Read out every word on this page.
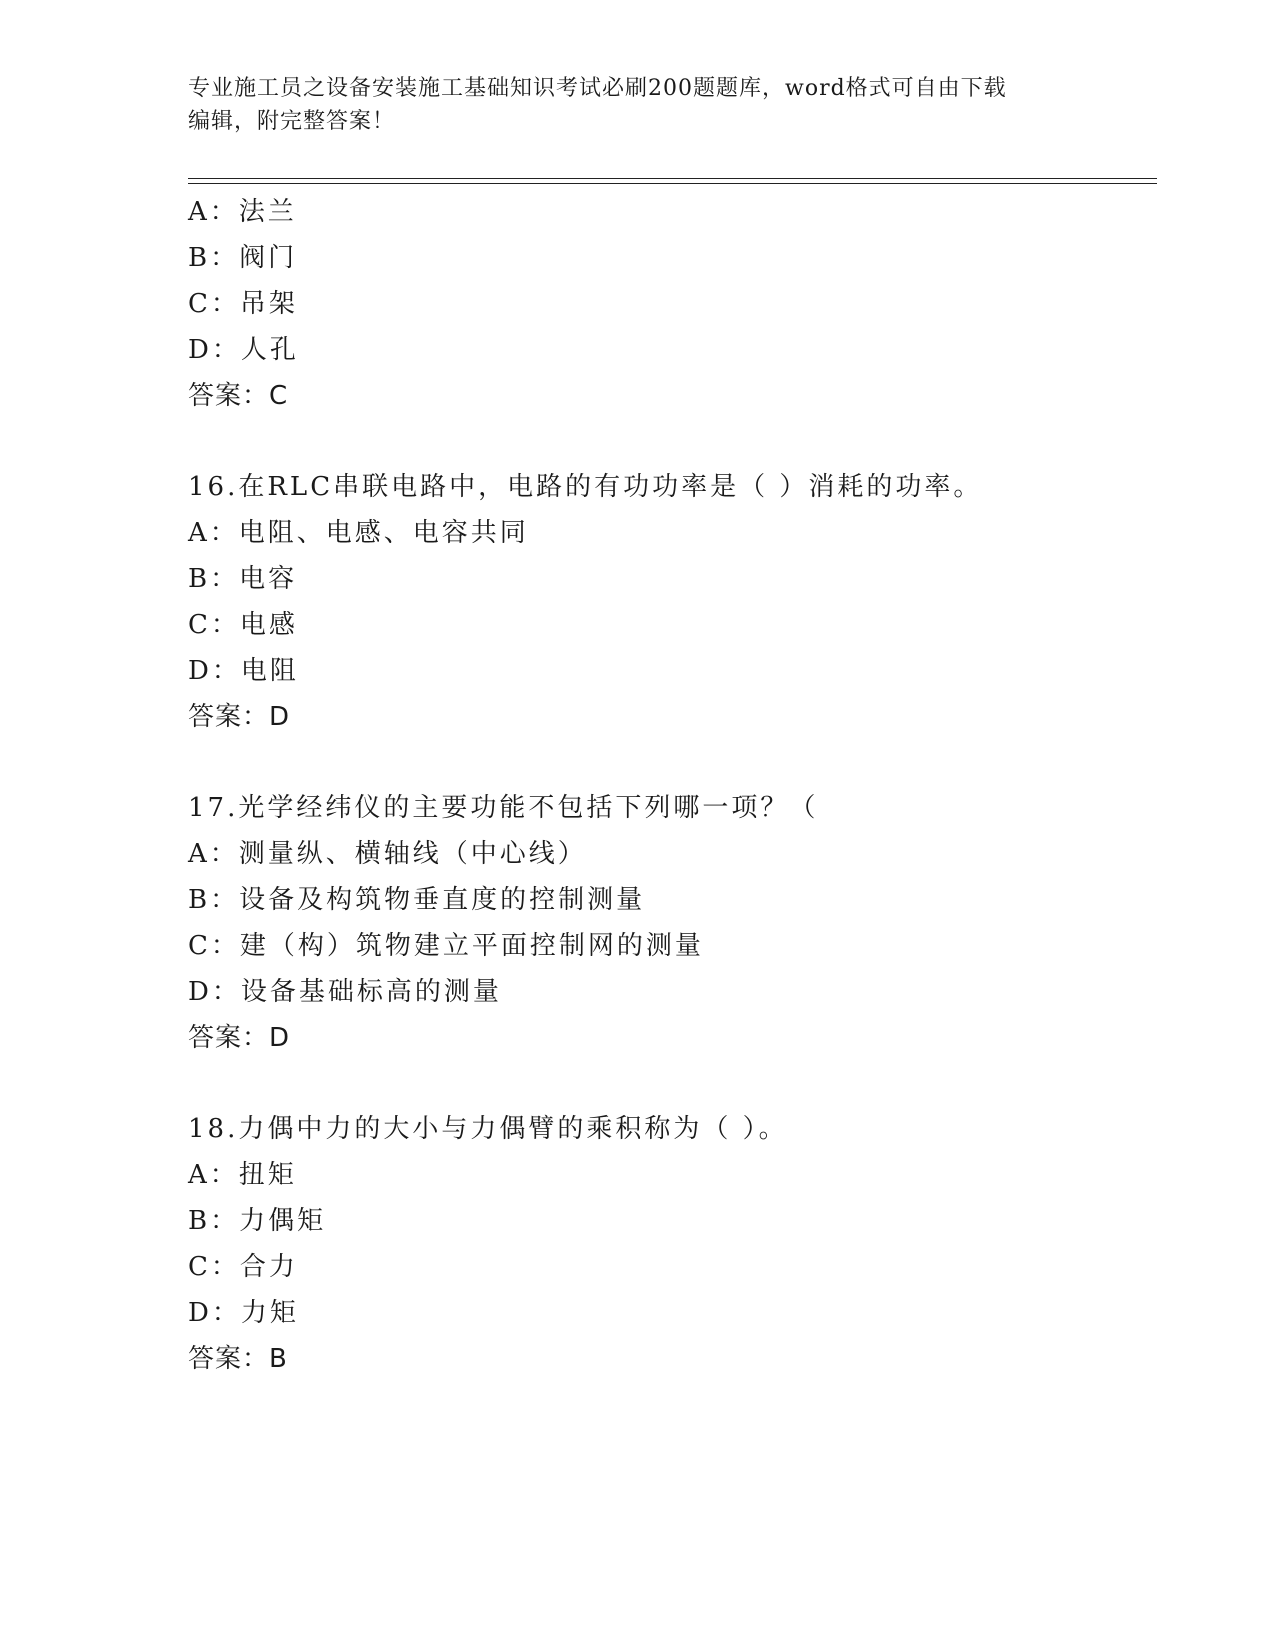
专业施工员之设备安装施工基础知识考试必刷200题题库，word格式可自由下载
编辑，附完整答案！
A：法兰
B：阀门
C：吊架
D：人孔
答案：C
16.在RLC串联电路中，电路的有功功率是（ ）消耗的功率。
A：电阻、电感、电容共同
B：电容
C：电感
D：电阻
答案：D
17.光学经纬仪的主要功能不包括下列哪一项？（
A：测量纵、横轴线（中心线）
B：设备及构筑物垂直度的控制测量
C：建（构）筑物建立平面控制网的测量
D：设备基础标高的测量
答案：D
18.力偶中力的大小与力偶臂的乘积称为（ ）。
A：扭矩
B：力偶矩
C：合力
D：力矩
答案：B
